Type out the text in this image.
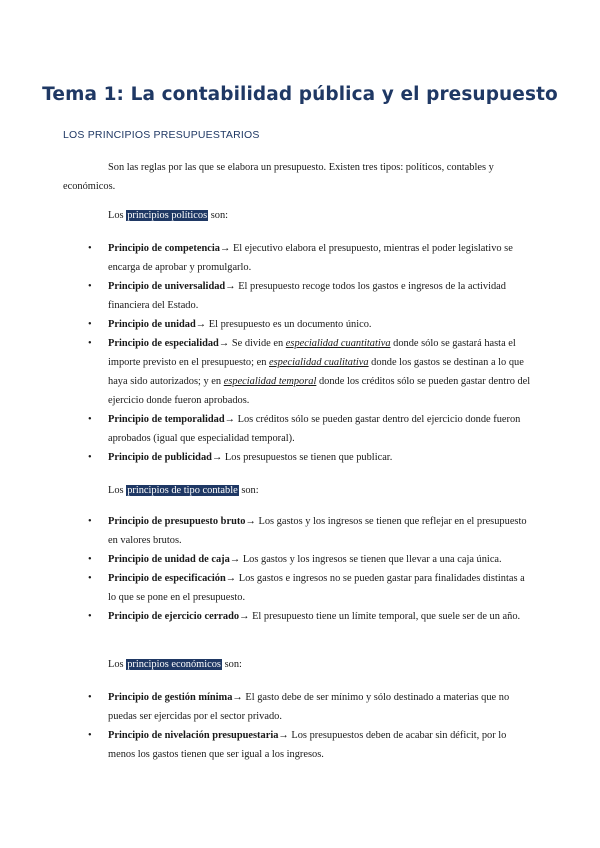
Tema 1: La contabilidad pública y el presupuesto

LOS PRINCIPIOS PRESUPUESTARIOS

Son las reglas por las que se elabora un presupuesto. Existen tres tipos: políticos, contables y económicos.

Los principios políticos son:

• Principio de competencia→ El ejecutivo elabora el presupuesto, mientras el poder legislativo se encarga de aprobar y promulgarlo.
• Principio de universalidad→ El presupuesto recoge todos los gastos e ingresos de la actividad financiera del Estado.
• Principio de unidad→ El presupuesto es un documento único.
• Principio de especialidad→ Se divide en especialidad cuantitativa donde sólo se gastará hasta el importe previsto en el presupuesto; en especialidad cualitativa donde los gastos se destinan a lo que haya sido autorizados; y en especialidad temporal donde los créditos sólo se pueden gastar dentro del ejercicio donde fueron aprobados.
• Principio de temporalidad→ Los créditos sólo se pueden gastar dentro del ejercicio donde fueron aprobados (igual que especialidad temporal).
• Principio de publicidad→ Los presupuestos se tienen que publicar.

Los principios de tipo contable son:

• Principio de presupuesto bruto→ Los gastos y los ingresos se tienen que reflejar en el presupuesto en valores brutos.
• Principio de unidad de caja→ Los gastos y los ingresos se tienen que llevar a una caja única.
• Principio de especificación→ Los gastos e ingresos no se pueden gastar para finalidades distintas a lo que se pone en el presupuesto.
• Principio de ejercicio cerrado→ El presupuesto tiene un límite temporal, que suele ser de un año.

Los principios económicos son:

• Principio de gestión mínima→ El gasto debe de ser mínimo y sólo destinado a materias que no puedas ser ejercidas por el sector privado.
• Principio de nivelación presupuestaria→ Los presupuestos deben de acabar sin déficit, por lo menos los gastos tienen que ser igual a los ingresos.
